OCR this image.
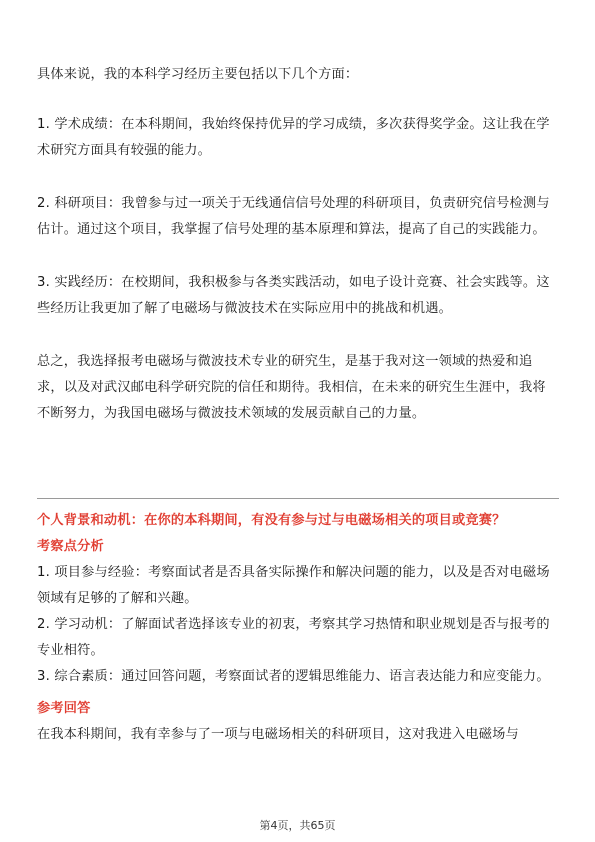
具体来说，我的本科学习经历主要包括以下几个方面：

1. 学术成绩：在本科期间，我始终保持优异的学习成绩，多次获得奖学金。这让我在学术研究方面具有较强的能力。

2. 科研项目：我曾参与过一项关于无线通信信号处理的科研项目，负责研究信号检测与估计。通过这个项目，我掌握了信号处理的基本原理和算法，提高了自己的实践能力。

3. 实践经历：在校期间，我积极参与各类实践活动，如电子设计竞赛、社会实践等。这些经历让我更加了解了电磁场与微波技术在实际应用中的挑战和机遇。

总之，我选择报考电磁场与微波技术专业的研究生，是基于我对这一领域的热爱和追求，以及对武汉邮电科学研究院的信任和期待。我相信，在未来的研究生生涯中，我将不断努力，为我国电磁场与微波技术领域的发展贡献自己的力量。

个人背景和动机：在你的本科期间，有没有参与过与电磁场相关的项目或竞赛？

考察点分析

1. 项目参与经验：考察面试者是否具备实际操作和解决问题的能力，以及是否对电磁场领域有足够的了解和兴趣。

2. 学习动机：了解面试者选择该专业的初衷，考察其学习热情和职业规划是否与报考的专业相符。

3. 综合素质：通过回答问题，考察面试者的逻辑思维能力、语言表达能力和应变能力。

参考回答

在我本科期间，我有幸参与了一项与电磁场相关的科研项目，这对我进入电磁场与

第4页，共65页
